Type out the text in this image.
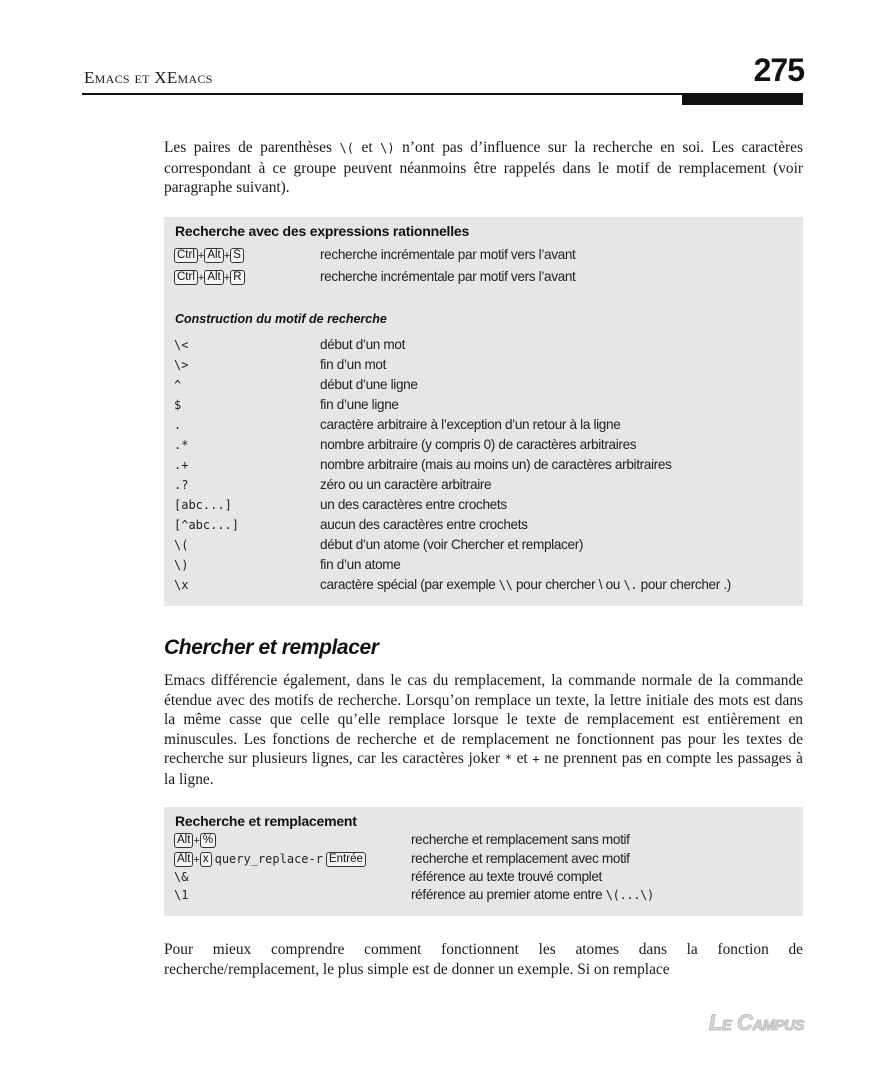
Emacs et XEmacs	275
Les paires de parenthèses \( et \) n’ont pas d’influence sur la recherche en soi. Les caractères correspondant à ce groupe peuvent néanmoins être rappelés dans le motif de remplacement (voir paragraphe suivant).
Recherche avec des expressions rationnelles
Ctrl + Alt + S	recherche incrémentale par motif vers l’avant
Ctrl + Alt + R	recherche incrémentale par motif vers l’avant
Construction du motif de recherche
\<	début d’un mot
\>	fin d’un mot
^	début d’une ligne
$	fin d’une ligne
.	caractère arbitraire à l’exception d’un retour à la ligne
.*	nombre arbitraire (y compris 0) de caractères arbitraires
.+	nombre arbitraire (mais au moins un) de caractères arbitraires
.?	zéro ou un caractère arbitraire
[abc...]	un des caractères entre crochets
[^abc...]	aucun des caractères entre crochets
\(	début d’un atome (voir Chercher et remplacer)
\)	fin d’un atome
\x	caractère spécial (par exemple \\ pour chercher \ ou \. pour chercher .)
Chercher et remplacer
Emacs différencie également, dans le cas du remplacement, la commande normale de la commande étendue avec des motifs de recherche. Lorsqu’on remplace un texte, la lettre initiale des mots est dans la même casse que celle qu’elle remplace lorsque le texte de remplacement est entièrement en minuscules. Les fonctions de recherche et de remplacement ne fonctionnent pas pour les textes de recherche sur plusieurs lignes, car les caractères joker * et + ne prennent pas en compte les passages à la ligne.
Recherche et remplacement
Alt + %	recherche et remplacement sans motif
Alt + x query_replace-r Entrée	recherche et remplacement avec motif
\&	référence au texte trouvé complet
\1	référence au premier atome entre \(...\)
Pour mieux comprendre comment fonctionnent les atomes dans la fonction de recherche/remplacement, le plus simple est de donner un exemple. Si on remplace
Le Campus
